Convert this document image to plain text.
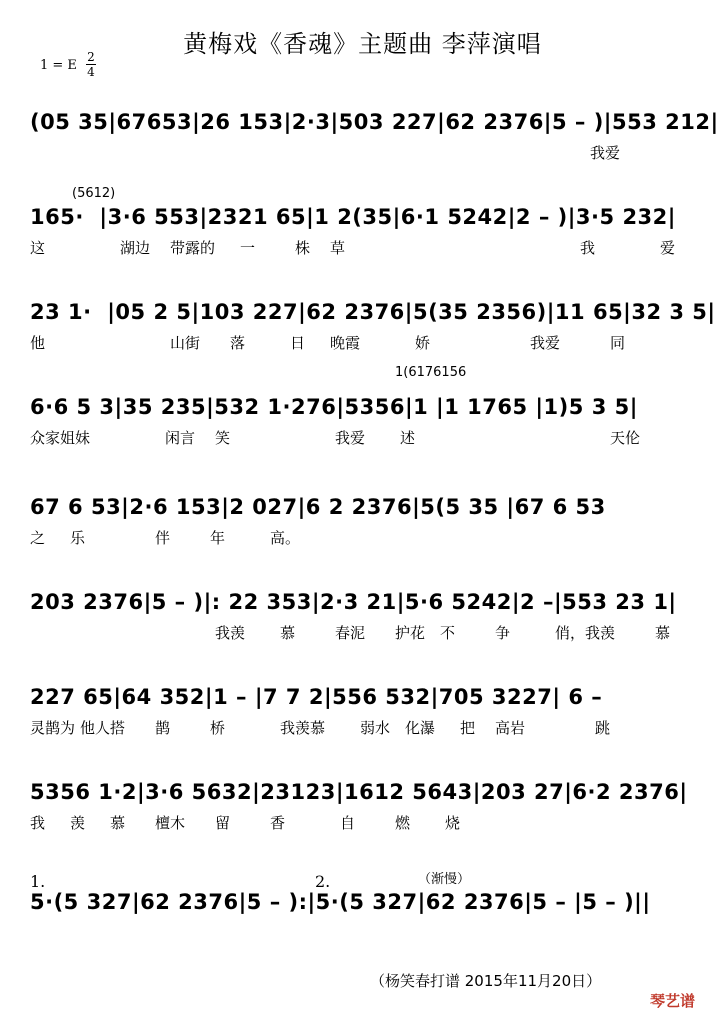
黄梅戏《香魂》主题曲 李萍演唱
1 = E
2
4
(5612)
1(6176156
1.	2.	（渐慢）
(05 35|67653|26 153|2·3|503 227|62 2376|5 – )|553 212|
我爱
165·  |3·6 553|2321 65|1 2(35|6·1 5242|2 – )|3·5 232|
这	湖边 带露的 一	株 草	我	爱
23 1·  |05 2 5|103 227|62 2376|5(35 2356)|11 65|32 3 5|
他	山街 落	日 晚霞	娇	我爱	同
6·6 5 3|35 235|532 1·276|5356|1 |1 1765 |1)5 3 5|
众家姐妹	闲言 笑	我爱 述	天伦
67 6 53|2·6 153|2 027|6 2 2376|5(5 35 |67 6 53
之 乐	伴	年	高。
203 2376|5 – )|: 22 353|2·3 21|5·6 5242|2 –|553 23 1|
我羡 慕	春泥 护花 不	争	俏， 我羡	慕
227 65|64 352|1 – |7 7 2|556 532|705 3227| 6 –
灵鹊为 他人搭 鹊	桥	我羡慕 弱水 化瀑 把 高岩	跳
5356 1·2|3·6 5632|23123|1612 5643|203 27|6·2 2376|
我 羡 慕 檀木 留	香	自	燃 烧
5·(5 327|62 2376|5 – ):|5·(5 327|62 2376|5 – |5 – )||
（杨笑春打谱 2015年11月20日）
琴艺谱
